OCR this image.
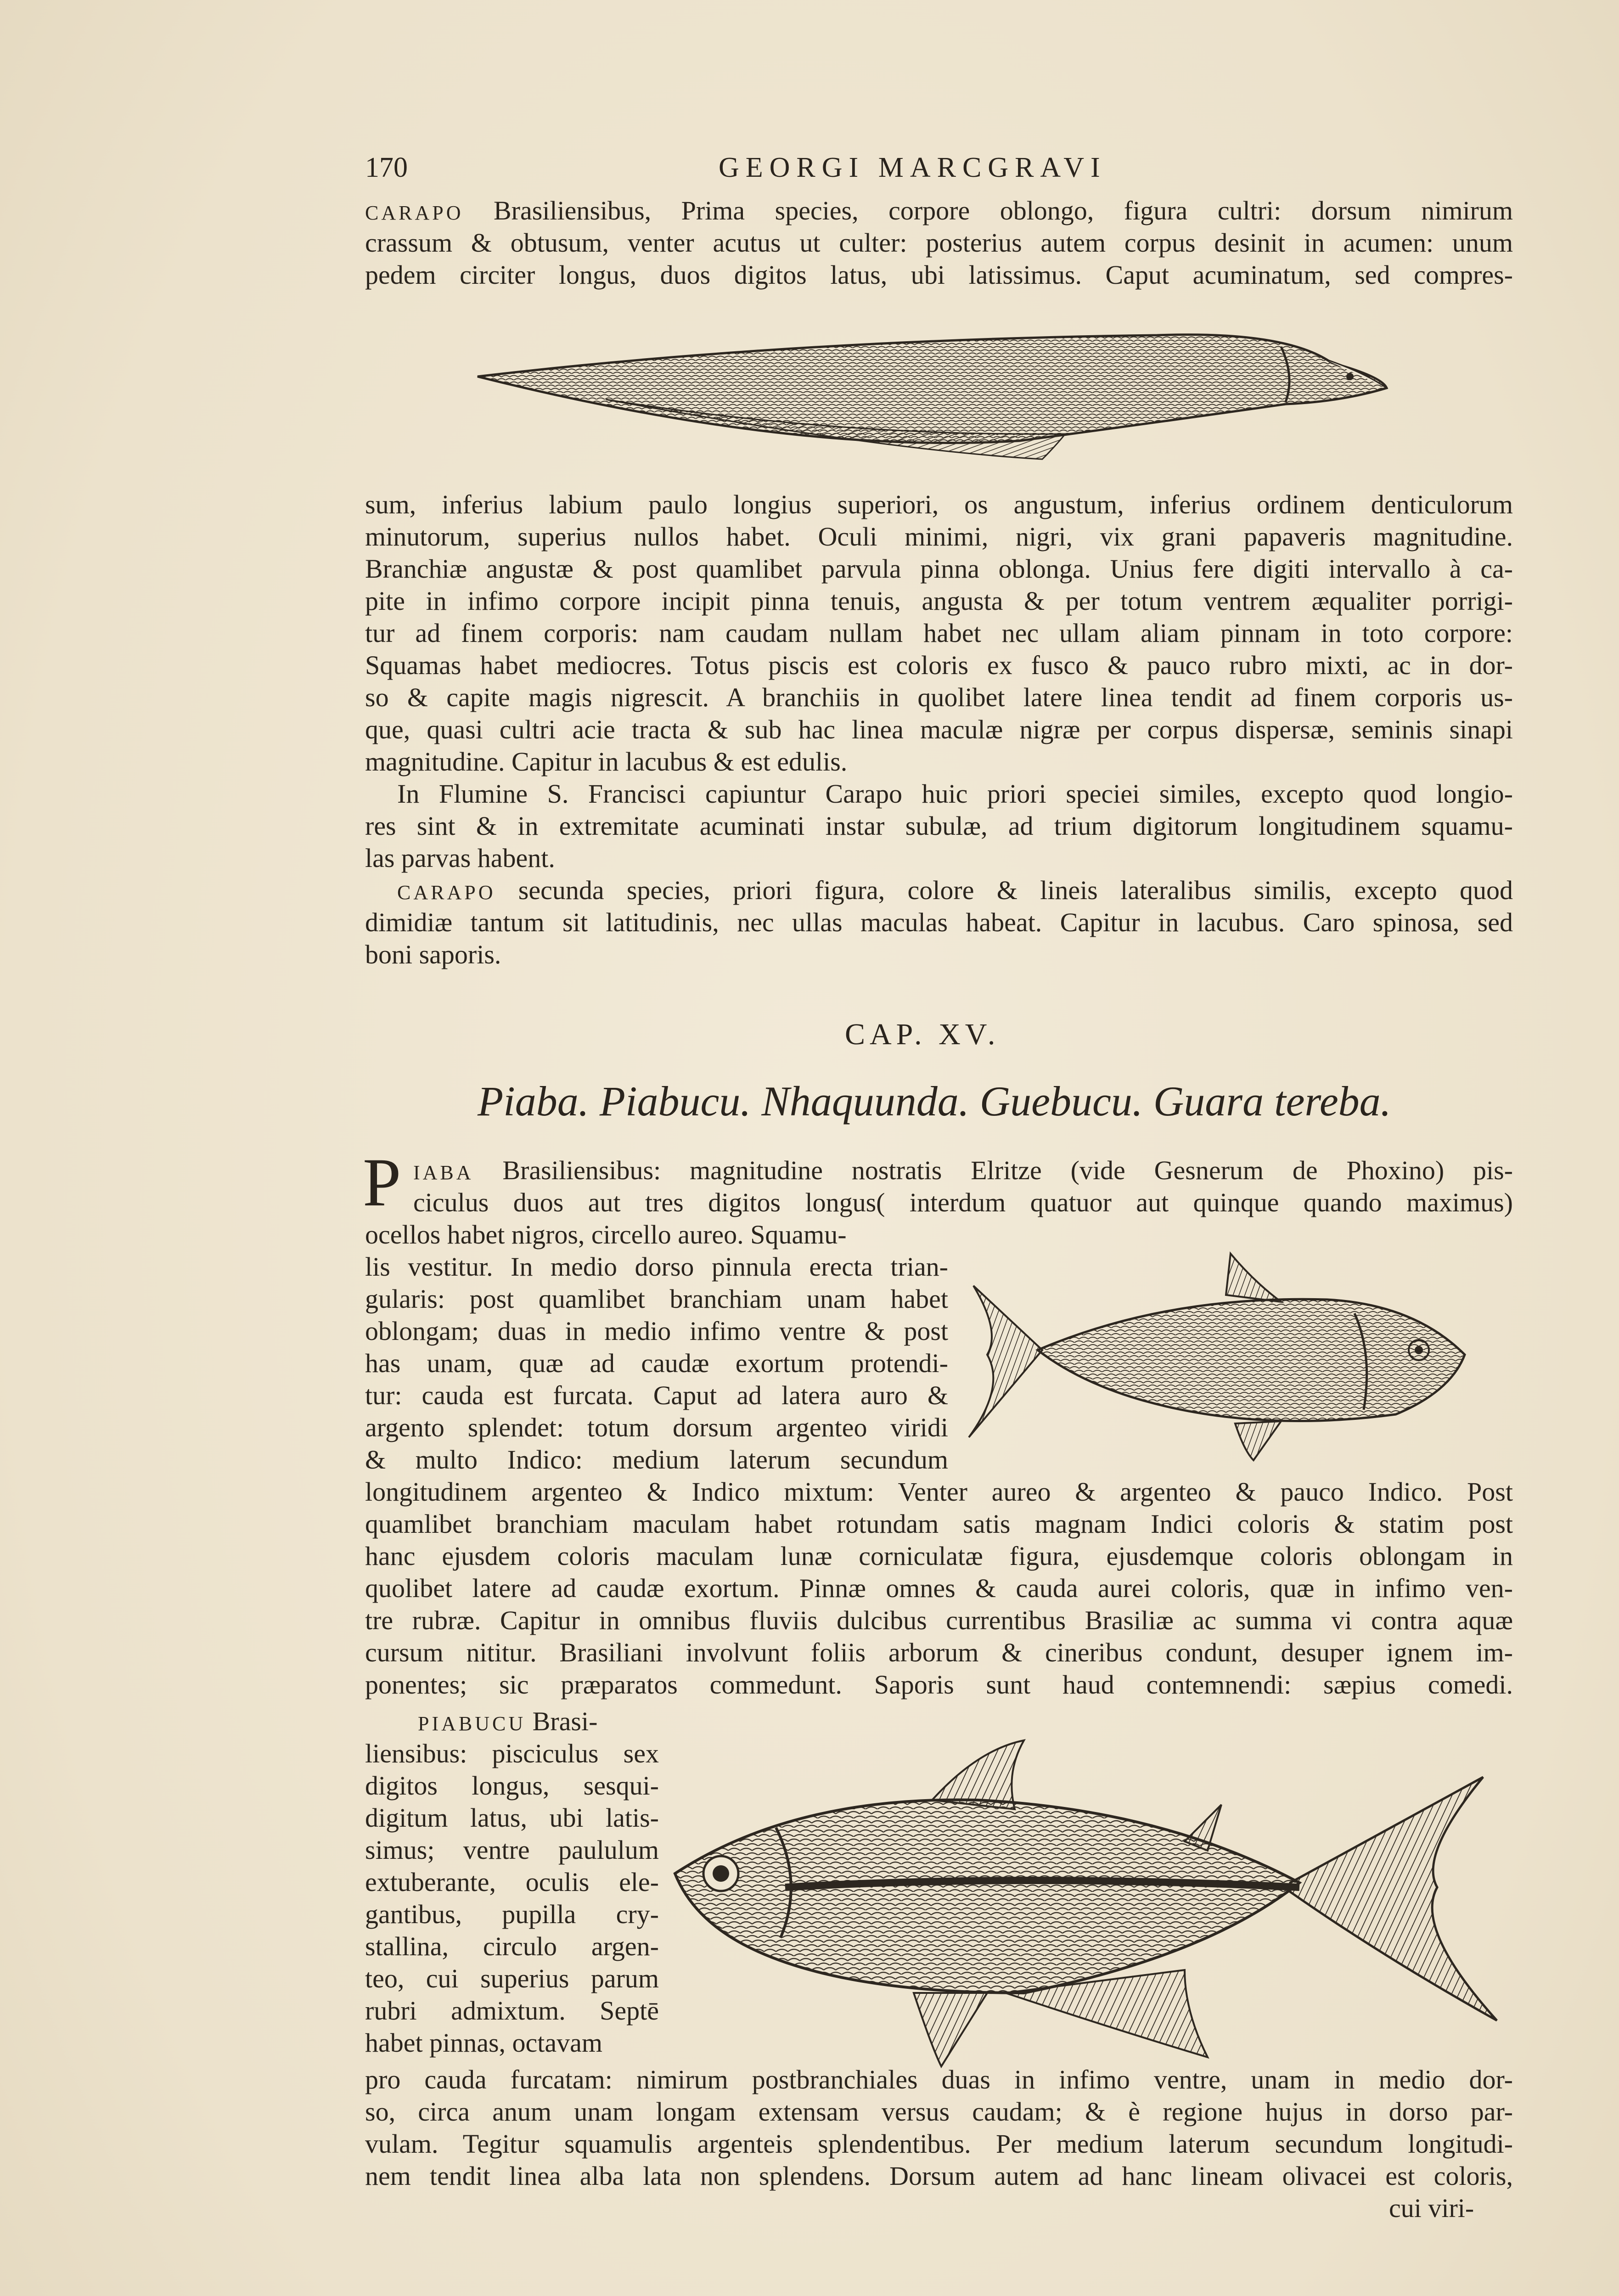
170	GEORGI MARCGRAVI
CARAPO Brasiliensibus, Prima species, corpore oblongo, figura cultri: dorsum nimirum
crassum & obtusum, venter acutus ut culter: posterius autem corpus desinit in acumen: unum
pedem circiter longus, duos digitos latus, ubi latissimus. Caput acuminatum, sed compres-
sum, inferius labium paulo longius superiori, os angustum, inferius ordinem denticulorum
minutorum, superius nullos habet. Oculi minimi, nigri, vix grani papaveris magnitudine.
Branchiæ angustæ & post quamlibet parvula pinna oblonga. Unius fere digiti intervallo à ca-
pite in infimo corpore incipit pinna tenuis, angusta & per totum ventrem æqualiter porrigi-
tur ad finem corporis: nam caudam nullam habet nec ullam aliam pinnam in toto corpore:
Squamas habet mediocres. Totus piscis est coloris ex fusco & pauco rubro mixti, ac in dor-
so & capite magis nigrescit. A branchiis in quolibet latere linea tendit ad finem corporis us-
que, quasi cultri acie tracta & sub hac linea maculæ nigræ per corpus dispersæ, seminis sinapi
magnitudine. Capitur in lacubus & est edulis.
In Flumine S. Francisci capiuntur Carapo huic priori speciei similes, excepto quod longio-
res sint & in extremitate acuminati instar subulæ, ad trium digitorum longitudinem squamu-
las parvas habent.
CARAPO secunda species, priori figura, colore & lineis lateralibus similis, excepto quod
dimidiæ tantum sit latitudinis, nec ullas maculas habeat. Capitur in lacubus. Caro spinosa, sed
boni saporis.
CAP. XV.
Piaba. Piabucu. Nhaquunda. Guebucu. Guara tereba.
P IABA Brasiliensibus: magnitudine nostratis Elritze (vide Gesnerum de Phoxino) pis-
ciculus duos aut tres digitos longus( interdum quatuor aut quinque quando maximus)
ocellos habet nigros, circello aureo. Squamu-
lis vestitur. In medio dorso pinnula erecta trian-
gularis: post quamlibet branchiam unam habet
oblongam; duas in medio infimo ventre & post
has unam, quæ ad caudæ exortum protendi-
tur: cauda est furcata. Caput ad latera auro &
argento splendet: totum dorsum argenteo viridi
& multo Indico: medium laterum secundum
longitudinem argenteo & Indico mixtum: Venter aureo & argenteo & pauco Indico. Post
quamlibet branchiam maculam habet rotundam satis magnam Indici coloris & statim post
hanc ejusdem coloris maculam lunæ corniculatæ figura, ejusdemque coloris oblongam in
quolibet latere ad caudæ exortum. Pinnæ omnes & cauda aurei coloris, quæ in infimo ven-
tre rubræ. Capitur in omnibus fluviis dulcibus currentibus Brasiliæ ac summa vi contra aquæ
cursum nititur. Brasiliani involvunt foliis arborum & cineribus condunt, desuper ignem im-
ponentes; sic præparatos commedunt. Saporis sunt haud contemnendi: sæpius comedi.
PIABUCU Brasi-
liensibus: pisciculus sex
digitos longus, sesqui-
digitum latus, ubi latis-
simus; ventre paululum
extuberante, oculis ele-
gantibus, pupilla cry-
stallina, circulo argen-
teo, cui superius parum
rubri admixtum. Septē
habet pinnas, octavam
pro cauda furcatam: nimirum postbranchiales duas in infimo ventre, unam in medio dor-
so, circa anum unam longam extensam versus caudam; & è regione hujus in dorso par-
vulam. Tegitur squamulis argenteis splendentibus. Per medium laterum secundum longitudi-
nem tendit linea alba lata non splendens. Dorsum autem ad hanc lineam olivacei est coloris,
cui viri-
